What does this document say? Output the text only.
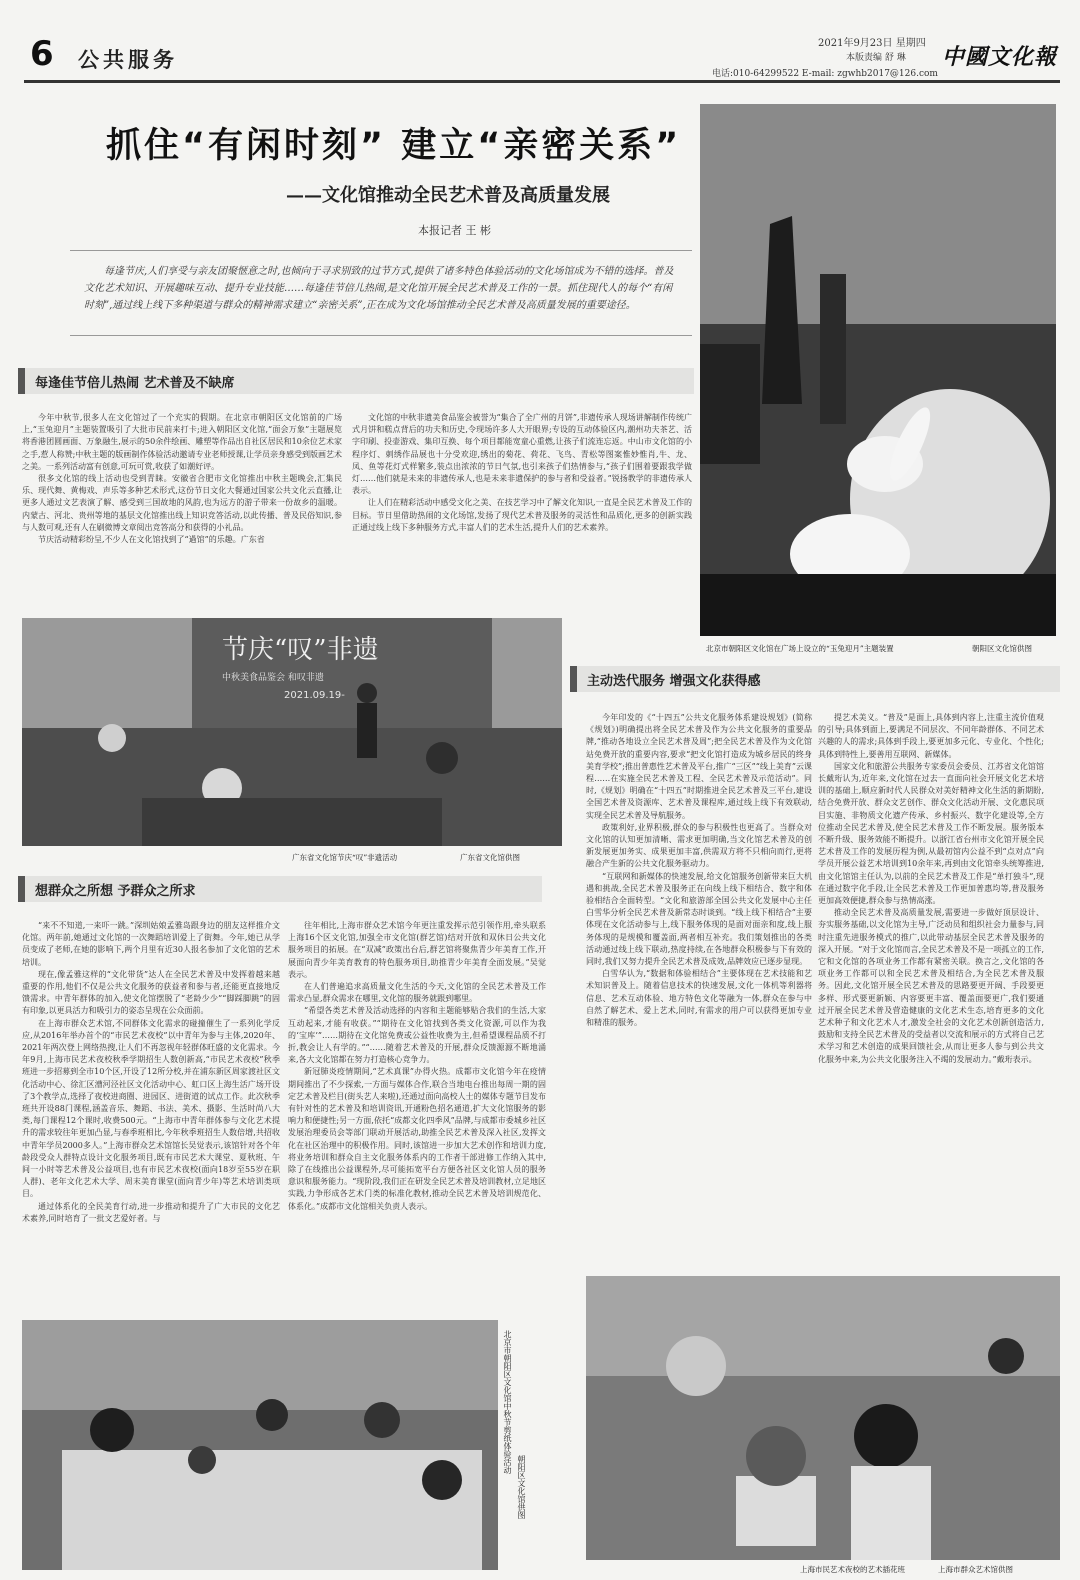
6 公共服务
2021年9月23日 星期四
本版责编 舒 琳
电话:010-64299522 E-mail: zgwhb2017@126.com
中國文化報
抓住“有闲时刻” 建立“亲密关系”
——文化馆推动全民艺术普及高质量发展
本报记者 王 彬

每逢节庆,人们享受与亲友团聚惬意之时,也倾向于寻求别致的过节方式,提供了诸多特色体验活动的文化场馆成为不错的选择。普及文化艺术知识、开展趣味互动、提升专业技能……每逢佳节倍儿热闹,是文化馆开展全民艺术普及工作的一景。抓住现代人的每个“有闲时刻”,通过线上线下多种渠道与群众的精神需求建立“亲密关系”,正在成为文化场馆推动全民艺术普及高质量发展的重要途径。

每逢佳节倍儿热闹 艺术普及不缺席

今年中秋节,很多人在文化馆过了一个充实的假期。在北京市朝阳区文化馆前的广场上,“玉兔迎月”主题装置吸引了大批市民前来打卡;进入朝阳区文化馆,“面会万象”主题展览将香港团圆画面、万象融生,展示的50余件绘画、雕塑等作品出自社区居民和10余位艺术家之手,惹人称赞;中秋主题的版画制作体验活动邀请专业老师授课,让学员亲身感受到版画艺术之美。一系列活动富有创意,可玩可赏,收获了如潮好评。

很多文化馆的线上活动也受到青睐。安徽省合肥市文化馆推出中秋主题晚会,汇集民乐、现代舞、黄梅戏、声乐等多种艺术形式,这份节日文化大餐通过国家公共文化云直播,让更多人通过文艺表演了解、感受到三国故地的风韵,也为远方的游子带来一份故乡的温暖。内蒙古、河北、贵州等地的基层文化馆推出线上知识竞答活动,以此传播、普及民俗知识,参与人数可观,还有人在刷微博文章阅出竞答高分和获得的小礼品。

节庆活动精彩纷呈,不少人在文化馆找到了“過馆”的乐趣。广东省

文化馆的中秋非遗美食品鉴会被誉为“集合了全广州的月饼”,非遗传承人现场讲解制作传统广式月饼和糕点背后的功夫和历史,令现场许多人大开眼界;专设的互动体验区内,潮州功夫茶艺、活字印刷、投壶游戏、集印互换、每个项目都能宽童心重燃,让孩子们流连忘返。中山市文化馆的小程序灯、刺绣作品展也十分受欢迎,绣出的菊花、荷花、飞鸟、青松等图案惟妙惟肖,牛、龙、凤、鱼等花灯式样繁多,装点出浓浓的节日气氛,也引来孩子们热情参与,“孩子们围着要跟我学做灯……他们就是未来的非遗传承人,也是未来非遗保护的参与者和受益者。”锐扬教学的非遗传承人表示。

让人们在精彩活动中感受文化之美、在技艺学习中了解文化知识,一直是全民艺术普及工作的目标。节日里借助热闹的文化场馆,发扬了现代艺术普及服务的灵活性和品质化,更多的创新实践正通过线上线下多种服务方式,丰富人们的艺术生活,提升人们的艺术素养。

北京市朝阳区文化馆在广场上设立的“玉兔迎月”主题装置	朝阳区文化馆供图
节庆“叹”非遗
中秋美食品鉴会 和叹非遗
2021.09.19-
广东省文化馆节庆“叹”非遗活动	广东省文化馆供图
主动迭代服务 增强文化获得感

今年印发的《“十四五”公共文化服务体系建设规划》(简称《规划》)明确提出将全民艺术普及作为公共文化服务的重要品牌,“推动各地设立全民艺术普及周”;把全民艺术普及作为文化馆站免费开放的重要内容,要求“把文化馆打造成为城乡居民的终身美育学校”;推出普惠性艺术普及平台,推广“三区”“线上美育”云课程……在实施全民艺术普及工程、全民艺术普及示范活动”。同时,《规划》明确在“十四五”时期推进全民艺术普及三平台,建设全国艺术普及资源库、艺术普及课程库,通过线上线下有效联动,实现全民艺术普及导航服务。

政策利好,业界积极,群众的参与积极性也更高了。当群众对文化馆的认知更加清晰、需求更加明确,当文化馆艺术普及的创新发展更加务实、成果更加丰富,供需双方将不只相向而行,更将融合产生新的公共文化服务驱动力。

“互联网和新媒体的快速发展,给文化馆服务创新带来巨大机遇和挑战,全民艺术普及服务正在向线上线下相结合、数字和体验相结合全面转型。“文化和旅游部全国公共文化发展中心主任白雪华分析全民艺术普及新常态时谈到。“线上线下相结合”主要体现在文化活动参与上,线下服务体现的是面对面亲和度,线上服务体现的是规模和覆盖面,两者相互补充。我们策划推出的各类活动通过线上线下联动,热度持续,在各地群众积极参与下有效的同时,我们又努力提升全民艺术普及成效,品牌效应已逐步显现。

白雪华认为,“数据和体验相结合”主要体现在艺术技能和艺术知识普及上。随着信息技术的快速发展,文化一体机等利器将信息、艺术互动体验、地方特色文化等融为一体,群众在参与中自然了解艺术、爱上艺术,同时,有需求的用户可以获得更加专业和精准的服务。

提艺术美义。“普及”是面上,具体到内容上,注重主流价值观的引导;具体到面上,要满足不同层次、不同年龄群体、不同艺术兴趣的人的需求;具体到手段上,要更加多元化、专业化、个性化;具体到特性上,要善用互联网、新媒体。

国家文化和旅游公共服务专家委员会委员、江苏省文化馆馆长戴珩认为,近年来,文化馆在过去一直面向社会开展文化艺术培训的基础上,顺应新时代人民群众对美好精神文化生活的新期盼,结合免费开放、群众文艺创作、群众文化活动开展、文化惠民项目实施、非物质文化遗产传承、乡村振兴、数字化建设等,全方位推动全民艺术普及,使全民艺术普及工作不断发展。服务版本不断升级、服务效能不断提升。以浙江省台州市文化馆开展全民艺术普及工作的发展历程为例,从最初馆内公益不到“点对点”向学员开展公益艺术培训到10余年来,再到由文化馆牵头统筹推进,由文化馆馆主任认为,以前的全民艺术普及工作是“单打独斗”,现在通过数字化手段,让全民艺术普及工作更加普惠均等,普及服务更加高效便捷,群众参与热情高涨。

推动全民艺术普及高质量发展,需要进一步做好顶层设计、夯实服务基础,以文化馆为主导,广泛动员和组织社会力量参与,同时注重先进服务模式的推广,以此带动基层全民艺术普及服务的深入开展。“对于文化馆而言,全民艺术普及不是一项孤立的工作,它和文化馆的各项业务工作都有紧密关联。换言之,文化馆的各项业务工作都可以和全民艺术普及相结合,为全民艺术普及服务。因此,文化馆开展全民艺术普及的思路要更开阔、手段要更多样、形式要更新颖、内容要更丰富、覆盖面要更广,我们要通过开展全民艺术普及营造健康的文化艺术生态,培育更多的文化艺术种子和文化艺术人才,激发全社会的文化艺术创新创造活力,鼓励和支持全民艺术普及的受益者以交流和展示的方式将自己艺术学习和艺术创造的成果回馈社会,从而让更多人参与到公共文化服务中来,为公共文化服务注入不竭的发展动力。”戴珩表示。

想群众之所想 予群众之所求

“来不不知道,一来吓一跳。”深圳姑娘孟雅岛跟身边的朋友这样推介文化馆。两年前,她通过文化馆的一次舞蹈培训爱上了街舞。今年,她已从学员变成了老师,在她的影响下,两个月里有近30人报名参加了文化馆的艺术培训。

现在,像孟雅这样的“文化带货”达人在全民艺术普及中发挥着越来越重要的作用,他们不仅是公共文化服务的获益者和参与者,还能更直接地反馈需求。中青年群体的加入,使文化馆摆脱了“老龄少少”“脚踩脚跳”的固有印象,以更具活力和吸引力的姿态呈现在公众面前。

在上海市群众艺术馆,不同群体文化需求的碰撞催生了一系列化学反应,从2016年举办首个的“市民艺术夜校”以中青年为参与主体,2020年、2021年两次登上网络热搜,让人们不再忽视年轻群体旺盛的文化需求。今年9月,上海市民艺术夜校秋季学期招生人数创新高,“市民艺术夜校”秋季班进一步招募到全市10个区,开设了12所分校,并在浦东新区周家渡社区文化活动中心、徐汇区漕河泾社区文化活动中心、虹口区上海生活广场开设了3个教学点,选择了夜校进商圈、进园区、进街道的试点工作。此次秋季班共开设88门课程,涵盖音乐、舞蹈、书法、美术、摄影、生活时尚八大类,每门课程12个课时,收费500元。“上海市中青年群体参与文化艺术提升的需求较往年更加凸显,与春季班相比,今年秋季班招生人数倍增,共招收中青年学员2000多人。”上海市群众艺术馆馆长吴觉表示,该馆针对各个年龄段受众人群特点设计文化服务项目,既有市民艺术大课堂、夏秋班、午间一小时等艺术普及公益项目,也有市民艺术夜校(面向18岁至55岁在职人群)、老年文化艺术大学、周末美育课堂(面向青少年)等艺术培训类项目。

通过体系化的全民美育行动,进一步推动和提升了广大市民的文化艺术素养,同时培育了一批文艺爱好者。与

往年相比,上海市群众艺术馆今年更注重发挥示范引领作用,牵头联系上海16个区文化馆,加强全市文化馆(群艺馆)结对开放和双休日公共文化服务项目的拓展。在“双减”政策出台后,群艺馆将聚焦青少年美育工作,开展面向青少年美育教育的特色服务项目,助推青少年美育全面发展。”吴觉表示。

在人们普遍追求高质量文化生活的今天,文化馆的全民艺术普及工作需求凸显,群众需求在哪里,文化馆的服务就跟到哪里。

“希望各类艺术普及活动选择的内容和主题能够贴合我们的生活,大家互动起来,才能有收获。”“期待在文化馆找到各类文化资源,可以作为我的‘宝库’”……期待在文化馆免费或公益性收费为主,但希望课程品质不打折,教会让人有学的。”“……随着艺术普及的开展,群众反馈源源不断地涌来,各大文化馆都在努力打造核心竞争力。

新冠肺炎疫情期间,“艺术真课”办得火热。成都市文化馆今年在疫情期间推出了不少探索,一方面与媒体合作,联合当地电台推出每周一期的固定艺术普及栏目(街头艺人来啦),还通过面向高校人士的媒体专题节目发布有针对性的艺术普及和培训资讯,开通粉色招名通道,扩大文化馆服务的影响力和便捷性;另一方面,依托“成都文化四季风”品牌,与成都市委城乡社区发展治理委员会等部门联动开展活动,助推全民艺术普及深入社区,发挥文化在社区治理中的积极作用。同时,该馆进一步加大艺术创作和培训力度,将业务培训和群众自主文化服务体系内的工作者干部进修工作纳入其中,除了在线推出公益课程外,尽可能拓宽平台方便各社区文化馆人员的服务意识和服务能力。“现阶段,我们正在研发全民艺术普及培训教材,立足地区实践,力争形成各艺术门类的标准化教材,推动全民艺术普及培训规范化、体系化。”成都市文化馆相关负责人表示。

北京市朝阳区文化馆中秋节剪纸体验活动
朝阳区文化馆供图
上海市民艺术夜校的艺术插花班	上海市群众艺术馆供图
